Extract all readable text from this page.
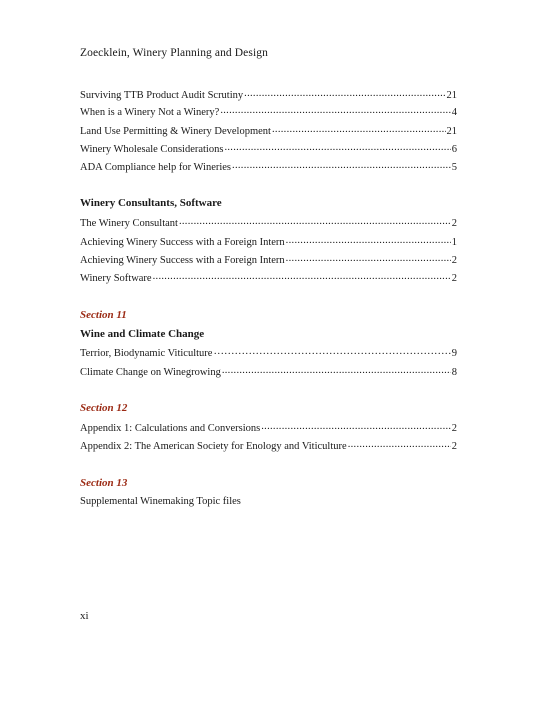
Zoecklein, Winery Planning and Design
Surviving TTB Product Audit Scrutiny .....	21
When is a Winery Not a Winery? .....	4
Land Use Permitting & Winery Development .....	21
Winery Wholesale Considerations .....	6
ADA Compliance help for Wineries .....	5
Winery Consultants, Software
The Winery Consultant .....	2
Achieving Winery Success with a Foreign Intern .....	1
Achieving Winery Success with a Foreign Intern .....	2
Winery Software .....	2
Section 11
Wine and Climate Change
Terrior, Biodynamic Viticulture …………………………………………………………………………………………………………………………………………………………	9
Climate Change on Winegrowing .....	8
Section 12
Appendix 1: Calculations and Conversions .....	2
Appendix 2: The American Society for Enology and Viticulture .....	2
Section 13
Supplemental Winemaking Topic files
xi
